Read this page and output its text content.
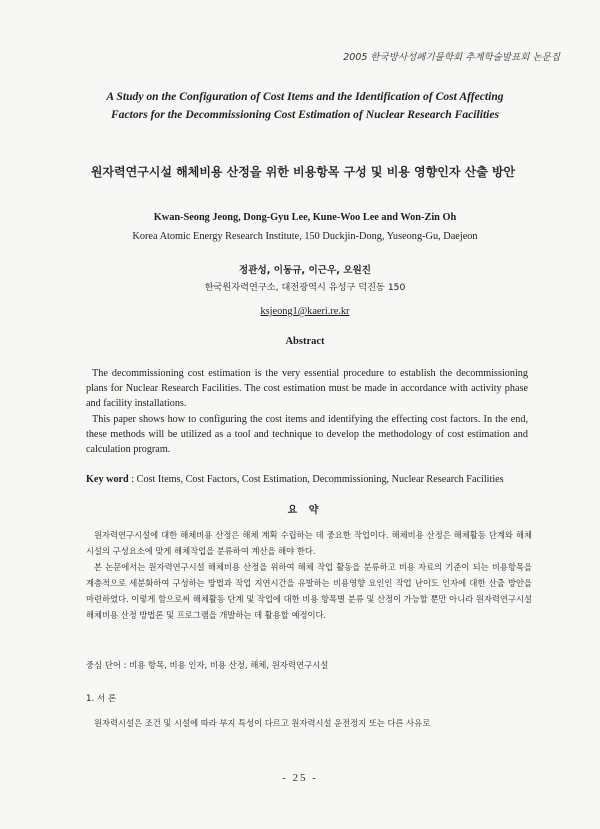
2005 한국방사성폐기물학회 추계학술발표회 논문집
A Study on the Configuration of Cost Items and the Identification of Cost Affecting Factors for the Decommissioning Cost Estimation of Nuclear Research Facilities
원자력연구시설 해체비용 산정을 위한 비용항목 구성 및 비용 영향인자 산출 방안
Kwan-Seong Jeong, Dong-Gyu Lee, Kune-Woo Lee and Won-Zin Oh
Korea Atomic Energy Research Institute, 150 Duckjin-Dong, Yuseong-Gu, Daejeon
정관성, 이동규, 이근우, 오원진
한국원자력연구소, 대전광역시 유성구 덕진동 150
ksjeong1@kaeri.re.kr
Abstract

The decommissioning cost estimation is the very essential procedure to establish the decommissioning plans for Nuclear Research Facilities. The cost estimation must be made in accordance with activity phase and facility installations.

This paper shows how to configuring the cost items and identifying the effecting cost factors. In the end, these methods will be utilized as a tool and technique to develop the methodology of cost estimation and calculation program.

Key word : Cost Items, Cost Factors, Cost Estimation, Decommissioning, Nuclear Research Facilities
요 약

원자력연구시설에 대한 해체비용 산정은 해체 계획 수립하는 데 중요한 작업이다. 해체비용 산정은 해체활동 단계와 해체 시설의 구성요소에 맞게 해체작업을 분류하여 계산을 해야 한다.

본 논문에서는 원자력연구시설 해체비용 산정을 위하여 해체 작업 활동을 분류하고 비용 자료의 기준이 되는 비용항목을 계층적으로 세분화하여 구성하는 방법과 작업 지연시간을 유발하는 비용영향 요인인 작업 난이도 인자에 대한 산출 방안을 마련하였다. 이렇게 함으로써 해체활동 단계 및 작업에 대한 비용 항목별 분류 및 산정이 가능할 뿐만 아니라 원자력연구시설 해체비용 산정 방법론 및 프로그램을 개발하는 데 활용할 예정이다.

중심 단어 : 비용 항목, 비용 인자, 비용 산정, 해체, 원자력연구시설
1. 서 론
원자력시설은 조건 및 시설에 따라 부지 특성이 다르고 원자력시설 운전정지 또는 다른 사유로
- 25 -
